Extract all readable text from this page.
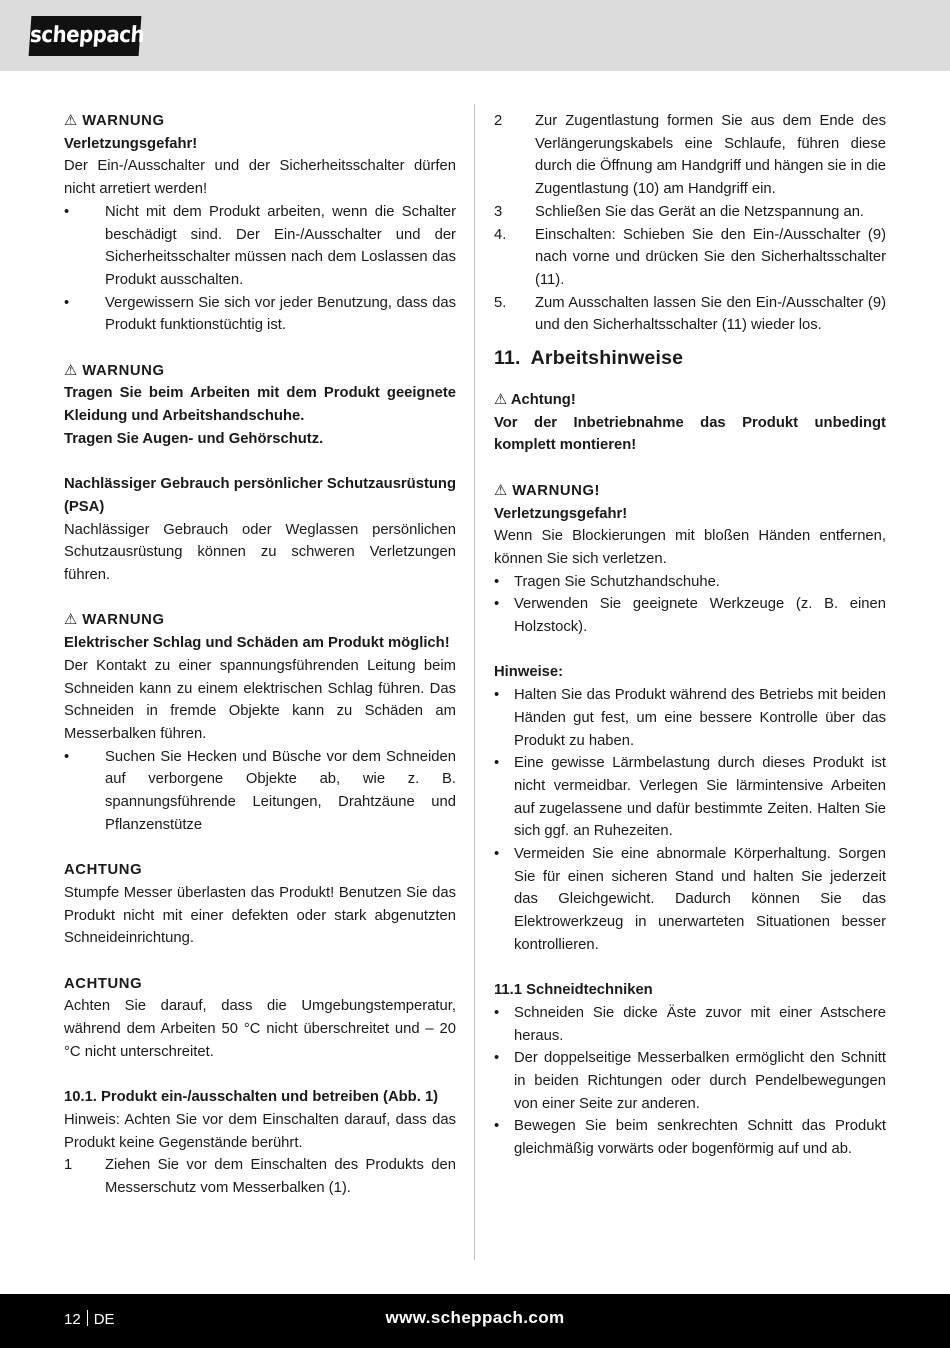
scheppach
⚠ WARNUNG

Verletzungsgefahr!

Der Ein-/Ausschalter und der Sicherheitsschalter dürfen nicht arretiert werden!

• Nicht mit dem Produkt arbeiten, wenn die Schalter beschädigt sind. Der Ein-/Ausschalter und der Sicherheitsschalter müssen nach dem Loslassen das Produkt ausschalten.
• Vergewissern Sie sich vor jeder Benutzung, dass das Produkt funktionstüchtig ist.
⚠ WARNUNG

Tragen Sie beim Arbeiten mit dem Produkt geeignete Kleidung und Arbeitshandschuhe.

Tragen Sie Augen- und Gehörschutz.

Nachlässiger Gebrauch persönlicher Schutzausrüstung (PSA)

Nachlässiger Gebrauch oder Weglassen persönlichen Schutzausrüstung können zu schweren Verletzungen führen.

⚠ WARNUNG

Elektrischer Schlag und Schäden am Produkt möglich!

Der Kontakt zu einer spannungsführenden Leitung beim Schneiden kann zu einem elektrischen Schlag führen. Das Schneiden in fremde Objekte kann zu Schäden am Messerbalken führen.

• Suchen Sie Hecken und Büsche vor dem Schneiden auf verborgene Objekte ab, wie z. B. spannungsführende Leitungen, Drahtzäune und Pflanzenstütze
ACHTUNG

Stumpfe Messer überlasten das Produkt! Benutzen Sie das Produkt nicht mit einer defekten oder stark abgenutzten Schneideinrichtung.

ACHTUNG

Achten Sie darauf, dass die Umgebungstemperatur, während dem Arbeiten 50 °C nicht überschreitet und – 20 °C nicht unterschreitet.

10.1. Produkt ein-/ausschalten und betreiben (Abb. 1)

Hinweis: Achten Sie vor dem Einschalten darauf, dass das Produkt keine Gegenstände berührt.

1 Ziehen Sie vor dem Einschalten des Produkts den Messerschutz vom Messerbalken (1).
2 Zur Zugentlastung formen Sie aus dem Ende des Verlängerungskabels eine Schlaufe, führen diese durch die Öffnung am Handgriff und hängen sie in die Zugentlastung (10) am Handgriff ein.
3 Schließen Sie das Gerät an die Netzspannung an.
4. Einschalten: Schieben Sie den Ein-/Ausschalter (9) nach vorne und drücken Sie den Sicherhaltsschalter (11).
5. Zum Ausschalten lassen Sie den Ein-/Ausschalter (9) und den Sicherhaltsschalter (11) wieder los.
11. Arbeitshinweise
⚠ Achtung!

Vor der Inbetriebnahme das Produkt unbedingt komplett montieren!

⚠ WARNUNG!

Verletzungsgefahr!

Wenn Sie Blockierungen mit bloßen Händen entfernen, können Sie sich verletzen.

• Tragen Sie Schutzhandschuhe.
• Verwenden Sie geeignete Werkzeuge (z. B. einen Holzstock).

Hinweise:

• Halten Sie das Produkt während des Betriebs mit beiden Händen gut fest, um eine bessere Kontrolle über das Produkt zu haben.
• Eine gewisse Lärmbelastung durch dieses Produkt ist nicht vermeidbar. Verlegen Sie lärmintensive Arbeiten auf zugelassene und dafür bestimmte Zeiten. Halten Sie sich ggf. an Ruhezeiten.
• Vermeiden Sie eine abnormale Körperhaltung. Sorgen Sie für einen sicheren Stand und halten Sie jederzeit das Gleichgewicht. Dadurch können Sie das Elektrowerkzeug in unerwarteten Situationen besser kontrollieren.

11.1 Schneidtechniken

• Schneiden Sie dicke Äste zuvor mit einer Astschere heraus.
• Der doppelseitige Messerbalken ermöglicht den Schnitt in beiden Richtungen oder durch Pendelbewegungen von einer Seite zur anderen.
• Bewegen Sie beim senkrechten Schnitt das Produkt gleichmäßig vorwärts oder bogenförmig auf und ab.
12 DE	www.scheppach.com
